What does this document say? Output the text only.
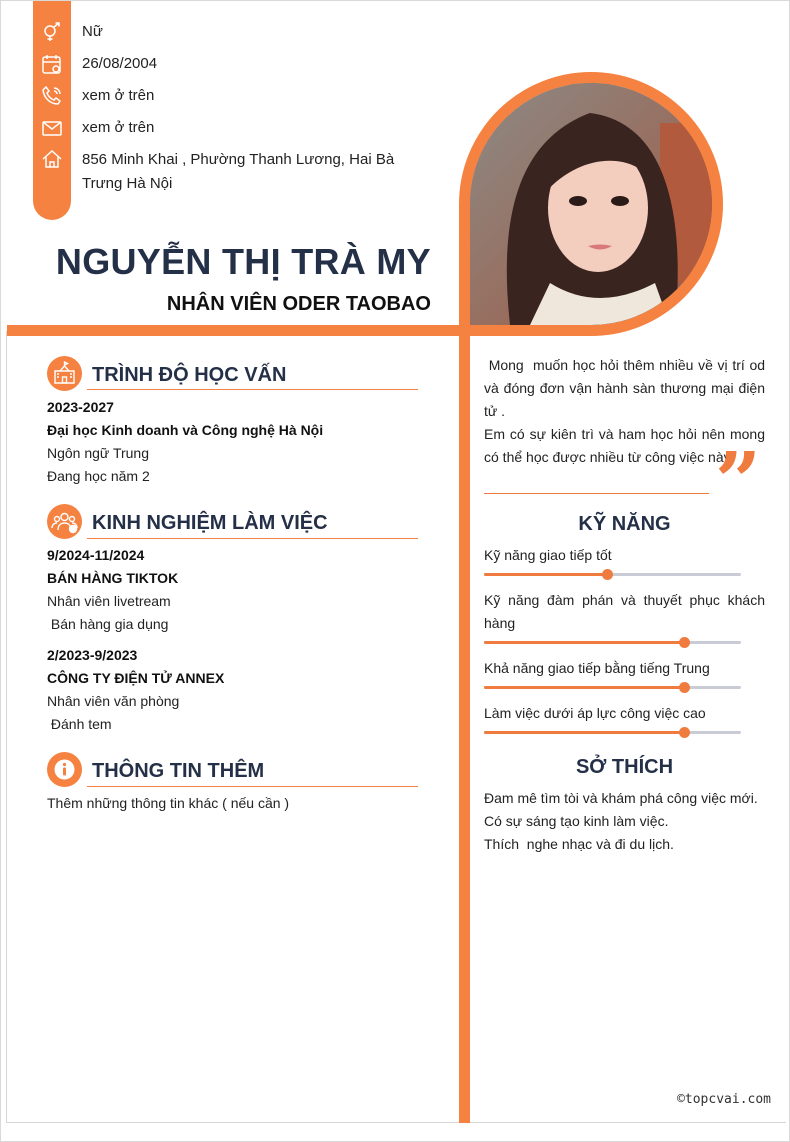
Nữ
26/08/2004
xem ở trên
xem ở trên
856 Minh Khai , Phường Thanh Lương, Hai Bà
Trưng Hà Nội
NGUYỄN THỊ TRÀ MY
NHÂN VIÊN ODER TAOBAO
TRÌNH ĐỘ HỌC VẤN
2023-2027
Đại học Kinh doanh và Công nghệ Hà Nội
Ngôn ngữ Trung
Đang học năm 2
KINH NGHIỆM LÀM VIỆC
9/2024-11/2024
BÁN HÀNG TIKTOK
Nhân viên livetream
Bán hàng gia dụng
2/2023-9/2023
CÔNG TY ĐIỆN TỬ ANNEX
Nhân viên văn phòng
Đánh tem
THÔNG TIN THÊM
Thêm những thông tin khác ( nếu cần )
Mong  muốn học hỏi thêm nhiều về vị trí od và đóng đơn vận hành sàn thương mại điện tử .
Em có sự kiên trì và ham học hỏi nên mong có thể học được nhiều từ công việc này.
”
KỸ NĂNG
Kỹ năng giao tiếp tốt
Kỹ năng đàm phán và thuyết phục khách hàng
Khả năng giao tiếp bằng tiếng Trung
Làm việc dưới áp lực công việc cao
SỞ THÍCH
Đam mê tìm tòi và khám phá công việc mới.
Có sự sáng tạo kinh làm việc.
Thích  nghe nhạc và đi du lịch.
©topcvai.com
